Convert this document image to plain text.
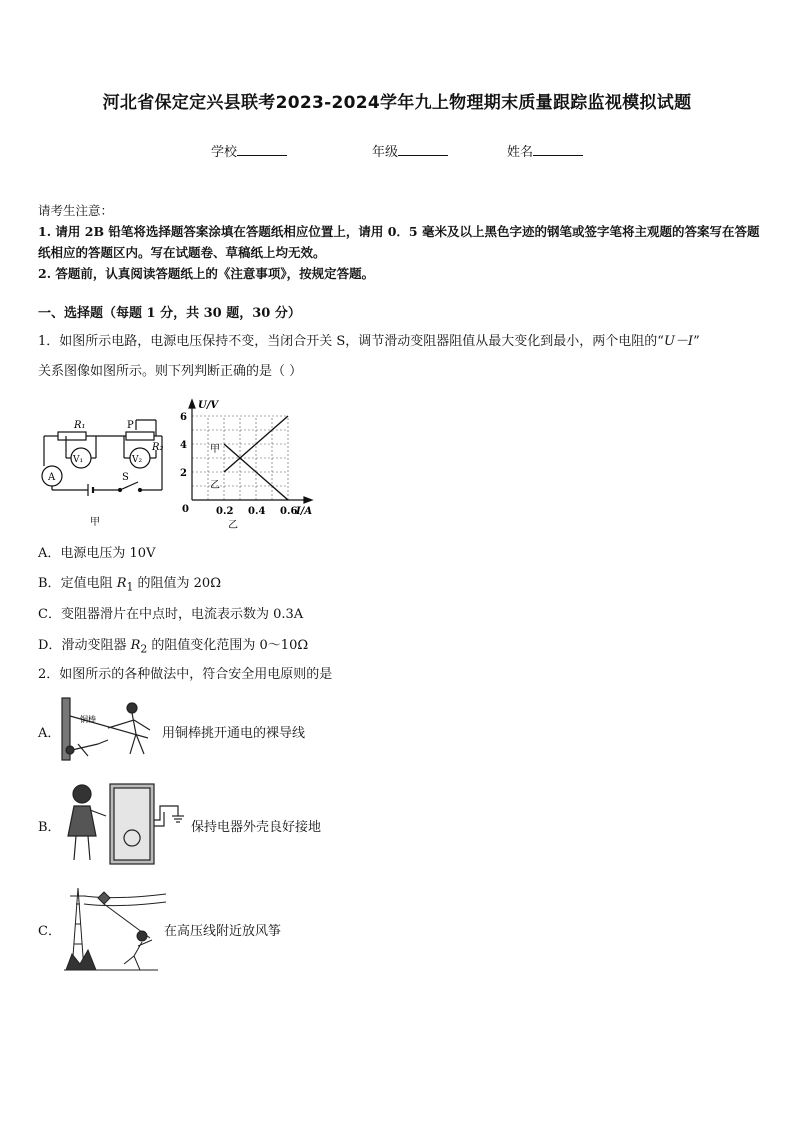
河北省保定定兴县联考2023-2024学年九上物理期末质量跟踪监视模拟试题
学校	年级	姓名
请考生注意：
1. 请用 2B 铅笔将选择题答案涂填在答题纸相应位置上，请用 0．5 毫米及以上黑色字迹的钢笔或签字笔将主观题的答案写在答题纸相应的答题区内。写在试题卷、草稿纸上均无效。
2. 答题前，认真阅读答题纸上的《注意事项》，按规定答题。
一、选择题（每题 1 分，共 30 题，30 分）
1．如图所示电路，电源电压保持不变，当闭合开关 S，调节滑动变阻器阻值从最大变化到最小，两个电阻的“U－I”
关系图像如图所示。则下列判断正确的是（ ）
R₁	P
R₂
V₁	V₂
A	S
甲
U/V
I/A
0
2
4
6
0.2 0.4 0.6
甲
乙
乙
A．电源电压为 10V
B．定值电阻 $R_1$ 的阻值为 20Ω
C．变阻器滑片在中点时，电流表示数为 0.3A
D．滑动变阻器 $R_2$ 的阻值变化范围为 0～10Ω
2．如图所示的各种做法中，符合安全用电原则的是
A．
铜棒
用铜棒挑开通电的裸导线
B．	保持电器外壳良好接地
C．	在高压线附近放风筝
